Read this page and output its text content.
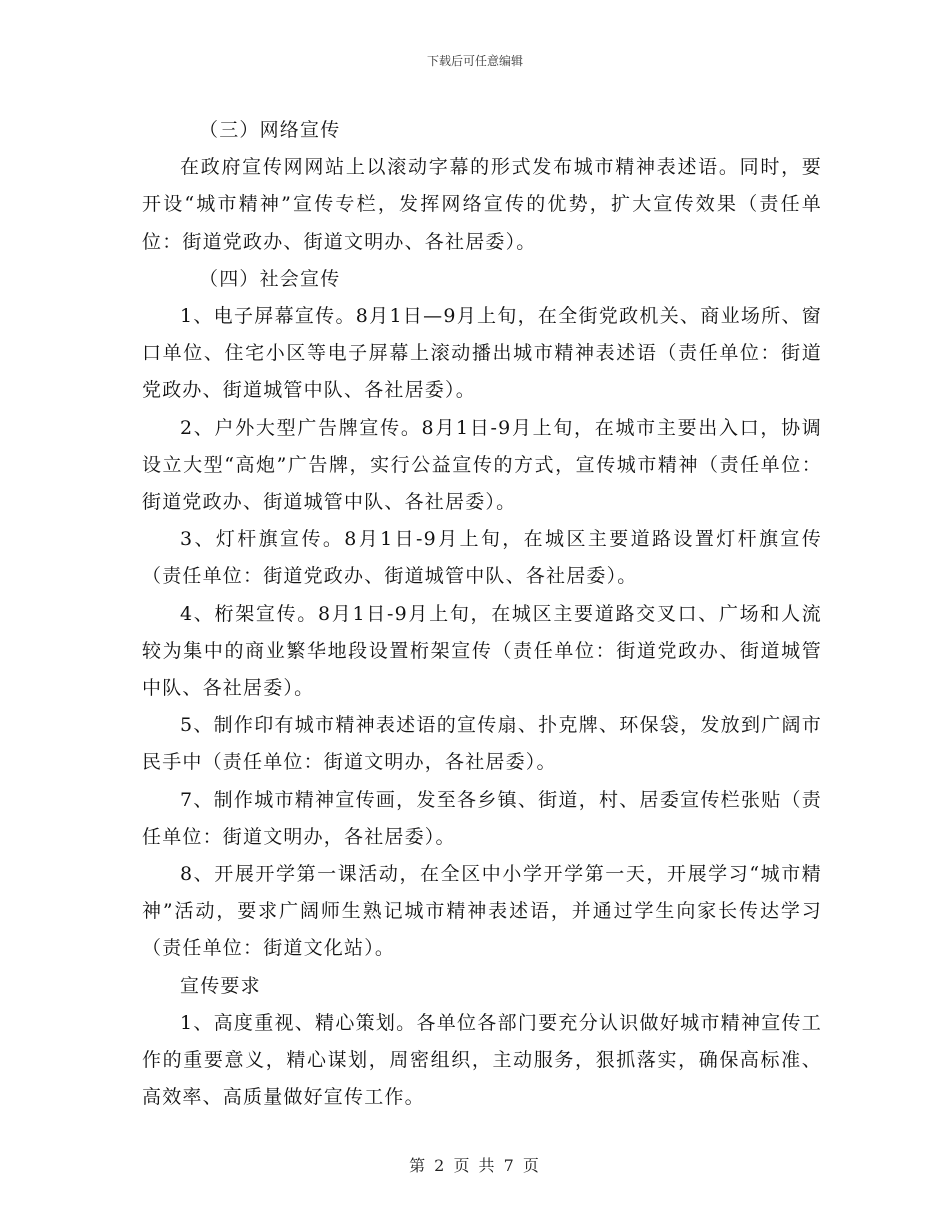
下载后可任意编辑

（三）网络宣传

在政府宣传网网站上以滚动字幕的形式发布城市精神表述语。同时，要开设“城市精神”宣传专栏，发挥网络宣传的优势，扩大宣传效果（责任单位：街道党政办、街道文明办、各社居委）。

（四）社会宣传

1、电子屏幕宣传。8月1日—9月上旬，在全街党政机关、商业场所、窗口单位、住宅小区等电子屏幕上滚动播出城市精神表述语（责任单位：街道党政办、街道城管中队、各社居委）。

2、户外大型广告牌宣传。8月1日-9月上旬，在城市主要出入口，协调设立大型“高炮”广告牌，实行公益宣传的方式，宣传城市精神（责任单位：街道党政办、街道城管中队、各社居委）。

3、灯杆旗宣传。8月1日-9月上旬，在城区主要道路设置灯杆旗宣传（责任单位：街道党政办、街道城管中队、各社居委）。

4、桁架宣传。8月1日-9月上旬，在城区主要道路交叉口、广场和人流较为集中的商业繁华地段设置桁架宣传（责任单位：街道党政办、街道城管中队、各社居委）。

5、制作印有城市精神表述语的宣传扇、扑克牌、环保袋，发放到广阔市民手中（责任单位：街道文明办，各社居委）。

7、制作城市精神宣传画，发至各乡镇、街道，村、居委宣传栏张贴（责任单位：街道文明办，各社居委）。

8、开展开学第一课活动，在全区中小学开学第一天，开展学习“城市精神”活动，要求广阔师生熟记城市精神表述语，并通过学生向家长传达学习（责任单位：街道文化站）。

宣传要求

1、高度重视、精心策划。各单位各部门要充分认识做好城市精神宣传工作的重要意义，精心谋划，周密组织，主动服务，狠抓落实，确保高标准、高效率、高质量做好宣传工作。

第 2 页 共 7 页
